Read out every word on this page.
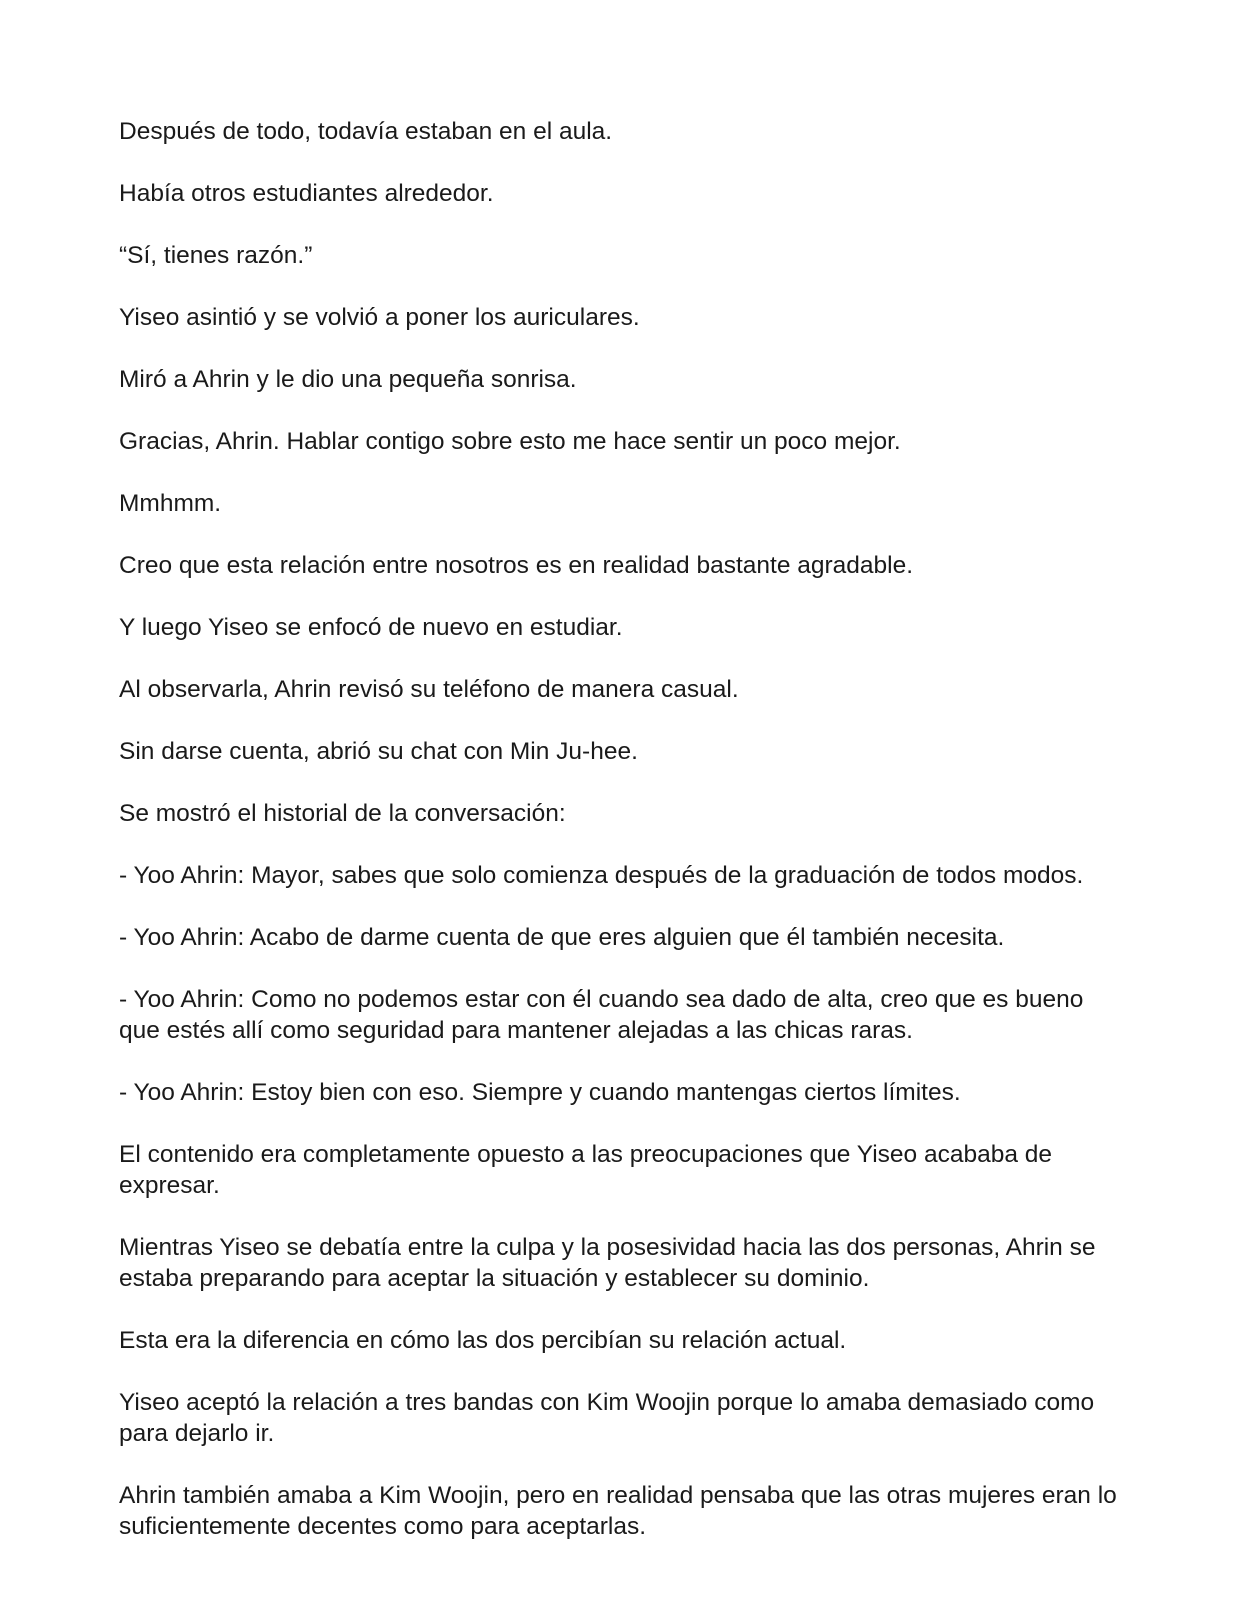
Después de todo, todavía estaban en el aula.

Había otros estudiantes alrededor.

“Sí, tienes razón.”

Yiseo asintió y se volvió a poner los auriculares.

Miró a Ahrin y le dio una pequeña sonrisa.

Gracias, Ahrin. Hablar contigo sobre esto me hace sentir un poco mejor.

Mmhmm.

Creo que esta relación entre nosotros es en realidad bastante agradable.

Y luego Yiseo se enfocó de nuevo en estudiar.

Al observarla, Ahrin revisó su teléfono de manera casual.

Sin darse cuenta, abrió su chat con Min Ju-hee.

Se mostró el historial de la conversación:

- Yoo Ahrin: Mayor, sabes que solo comienza después de la graduación de todos modos.

- Yoo Ahrin: Acabo de darme cuenta de que eres alguien que él también necesita.

- Yoo Ahrin: Como no podemos estar con él cuando sea dado de alta, creo que es bueno que estés allí como seguridad para mantener alejadas a las chicas raras.

- Yoo Ahrin: Estoy bien con eso. Siempre y cuando mantengas ciertos límites.

El contenido era completamente opuesto a las preocupaciones que Yiseo acababa de expresar.

Mientras Yiseo se debatía entre la culpa y la posesividad hacia las dos personas, Ahrin se estaba preparando para aceptar la situación y establecer su dominio.

Esta era la diferencia en cómo las dos percibían su relación actual.

Yiseo aceptó la relación a tres bandas con Kim Woojin porque lo amaba demasiado como para dejarlo ir.

Ahrin también amaba a Kim Woojin, pero en realidad pensaba que las otras mujeres eran lo suficientemente decentes como para aceptarlas.
